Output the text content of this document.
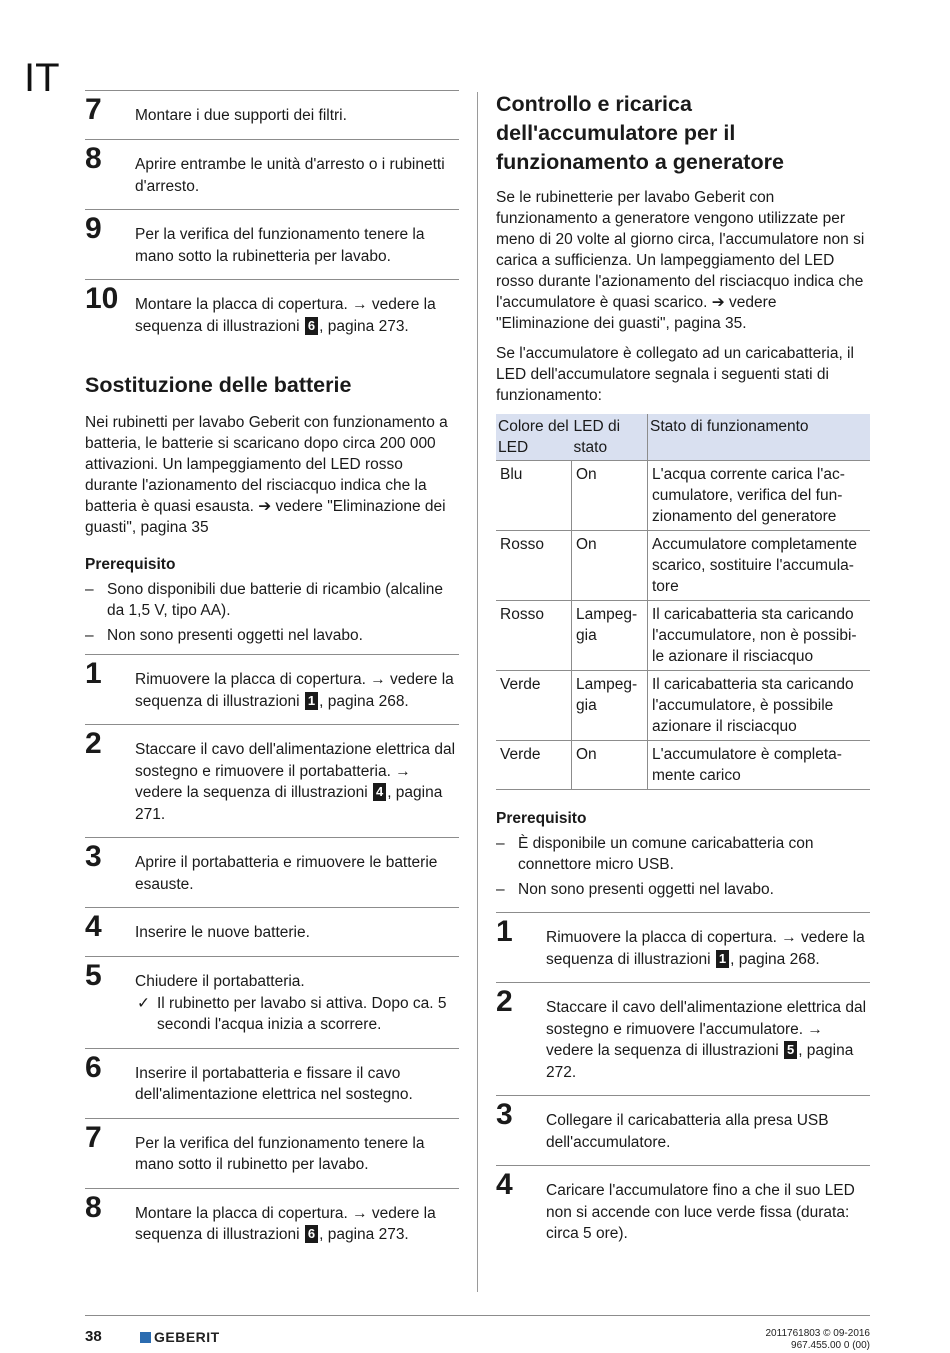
IT
7 Montare i due supporti dei filtri.
8 Aprire entrambe le unità d'arresto o i rubinetti d'arresto.
9 Per la verifica del funzionamento tenere la mano sotto la rubinetteria per lavabo.
10 Montare la placca di copertura. → vedere la sequenza di illustrazioni 6 , pagina 273.
Sostituzione delle batterie

Nei rubinetti per lavabo Geberit con funzionamento a batteria, le batterie si scaricano dopo circa 200 000 attivazioni. Un lampeggiamento del LED rosso durante l'azionamento del risciacquo indica che la batteria è quasi esausta. ➔ vedere "Eliminazione dei guasti", pagina 35

Prerequisito
– Sono disponibili due batterie di ricambio (alcaline da 1,5 V, tipo AA).
– Non sono presenti oggetti nel lavabo.
1 Rimuovere la placca di copertura. → vedere la sequenza di illustrazioni 1 , pagina 268.
2 Staccare il cavo dell'alimentazione elettrica dal sostegno e rimuovere il portabatteria. → vedere la sequenza di illustrazioni 4 , pagina 271.
3 Aprire il portabatteria e rimuovere le batterie esauste.
4 Inserire le nuove batterie.
5 Chiudere il portabatteria.
✓ Il rubinetto per lavabo si attiva. Dopo ca. 5 secondi l'acqua inizia a scorrere.
6 Inserire il portabatteria e fissare il cavo dell'alimentazione elettrica nel sostegno.
7 Per la verifica del funzionamento tenere la mano sotto il rubinetto per lavabo.
8 Montare la placca di copertura. → vedere la sequenza di illustrazioni 6 , pagina 273.
Controllo e ricarica dell'accumulatore per il funzionamento a generatore

Se le rubinetterie per lavabo Geberit con funzionamento a generatore vengono utilizzate per meno di 20 volte al giorno circa, l'accumulatore non si carica a sufficienza. Un lampeggiamento del LED rosso durante l'azionamento del risciacquo indica che l'accumulatore è quasi scarico. ➔ vedere "Eliminazione dei guasti", pagina 35.

Se l'accumulatore è collegato ad un caricabatteria, il LED dell'accumulatore segnala i seguenti stati di funzionamento:

Colore del LED	LED di stato	Stato di funzionamento
Blu	On	L'acqua corrente carica l'ac-cumulatore, verifica del fun-zionamento del generatore
Rosso	On	Accumulatore completamente scarico, sostituire l'accumula-tore
Rosso	Lampeg-gia	Il caricabatteria sta caricando l'accumulatore, non è possibi-le azionare il risciacquo
Verde	Lampeg-gia	Il caricabatteria sta caricando l'accumulatore, è possibile azionare il risciacquo
Verde	On	L'accumulatore è completa-mente carico
Prerequisito
– È disponibile un comune caricabatteria con connettore micro USB.
– Non sono presenti oggetti nel lavabo.
1 Rimuovere la placca di copertura. → vedere la sequenza di illustrazioni 1 , pagina 268.
2 Staccare il cavo dell'alimentazione elettrica dal sostegno e rimuovere l'accumulatore. → vedere la sequenza di illustrazioni 5 , pagina 272.
3 Collegare il caricabatteria alla presa USB dell'accumulatore.
4 Caricare l'accumulatore fino a che il suo LED non si accende con luce verde fissa (durata: circa 5 ore).
38	GEBERIT	2011761803 © 09-2016
967.455.00 0 (00)
